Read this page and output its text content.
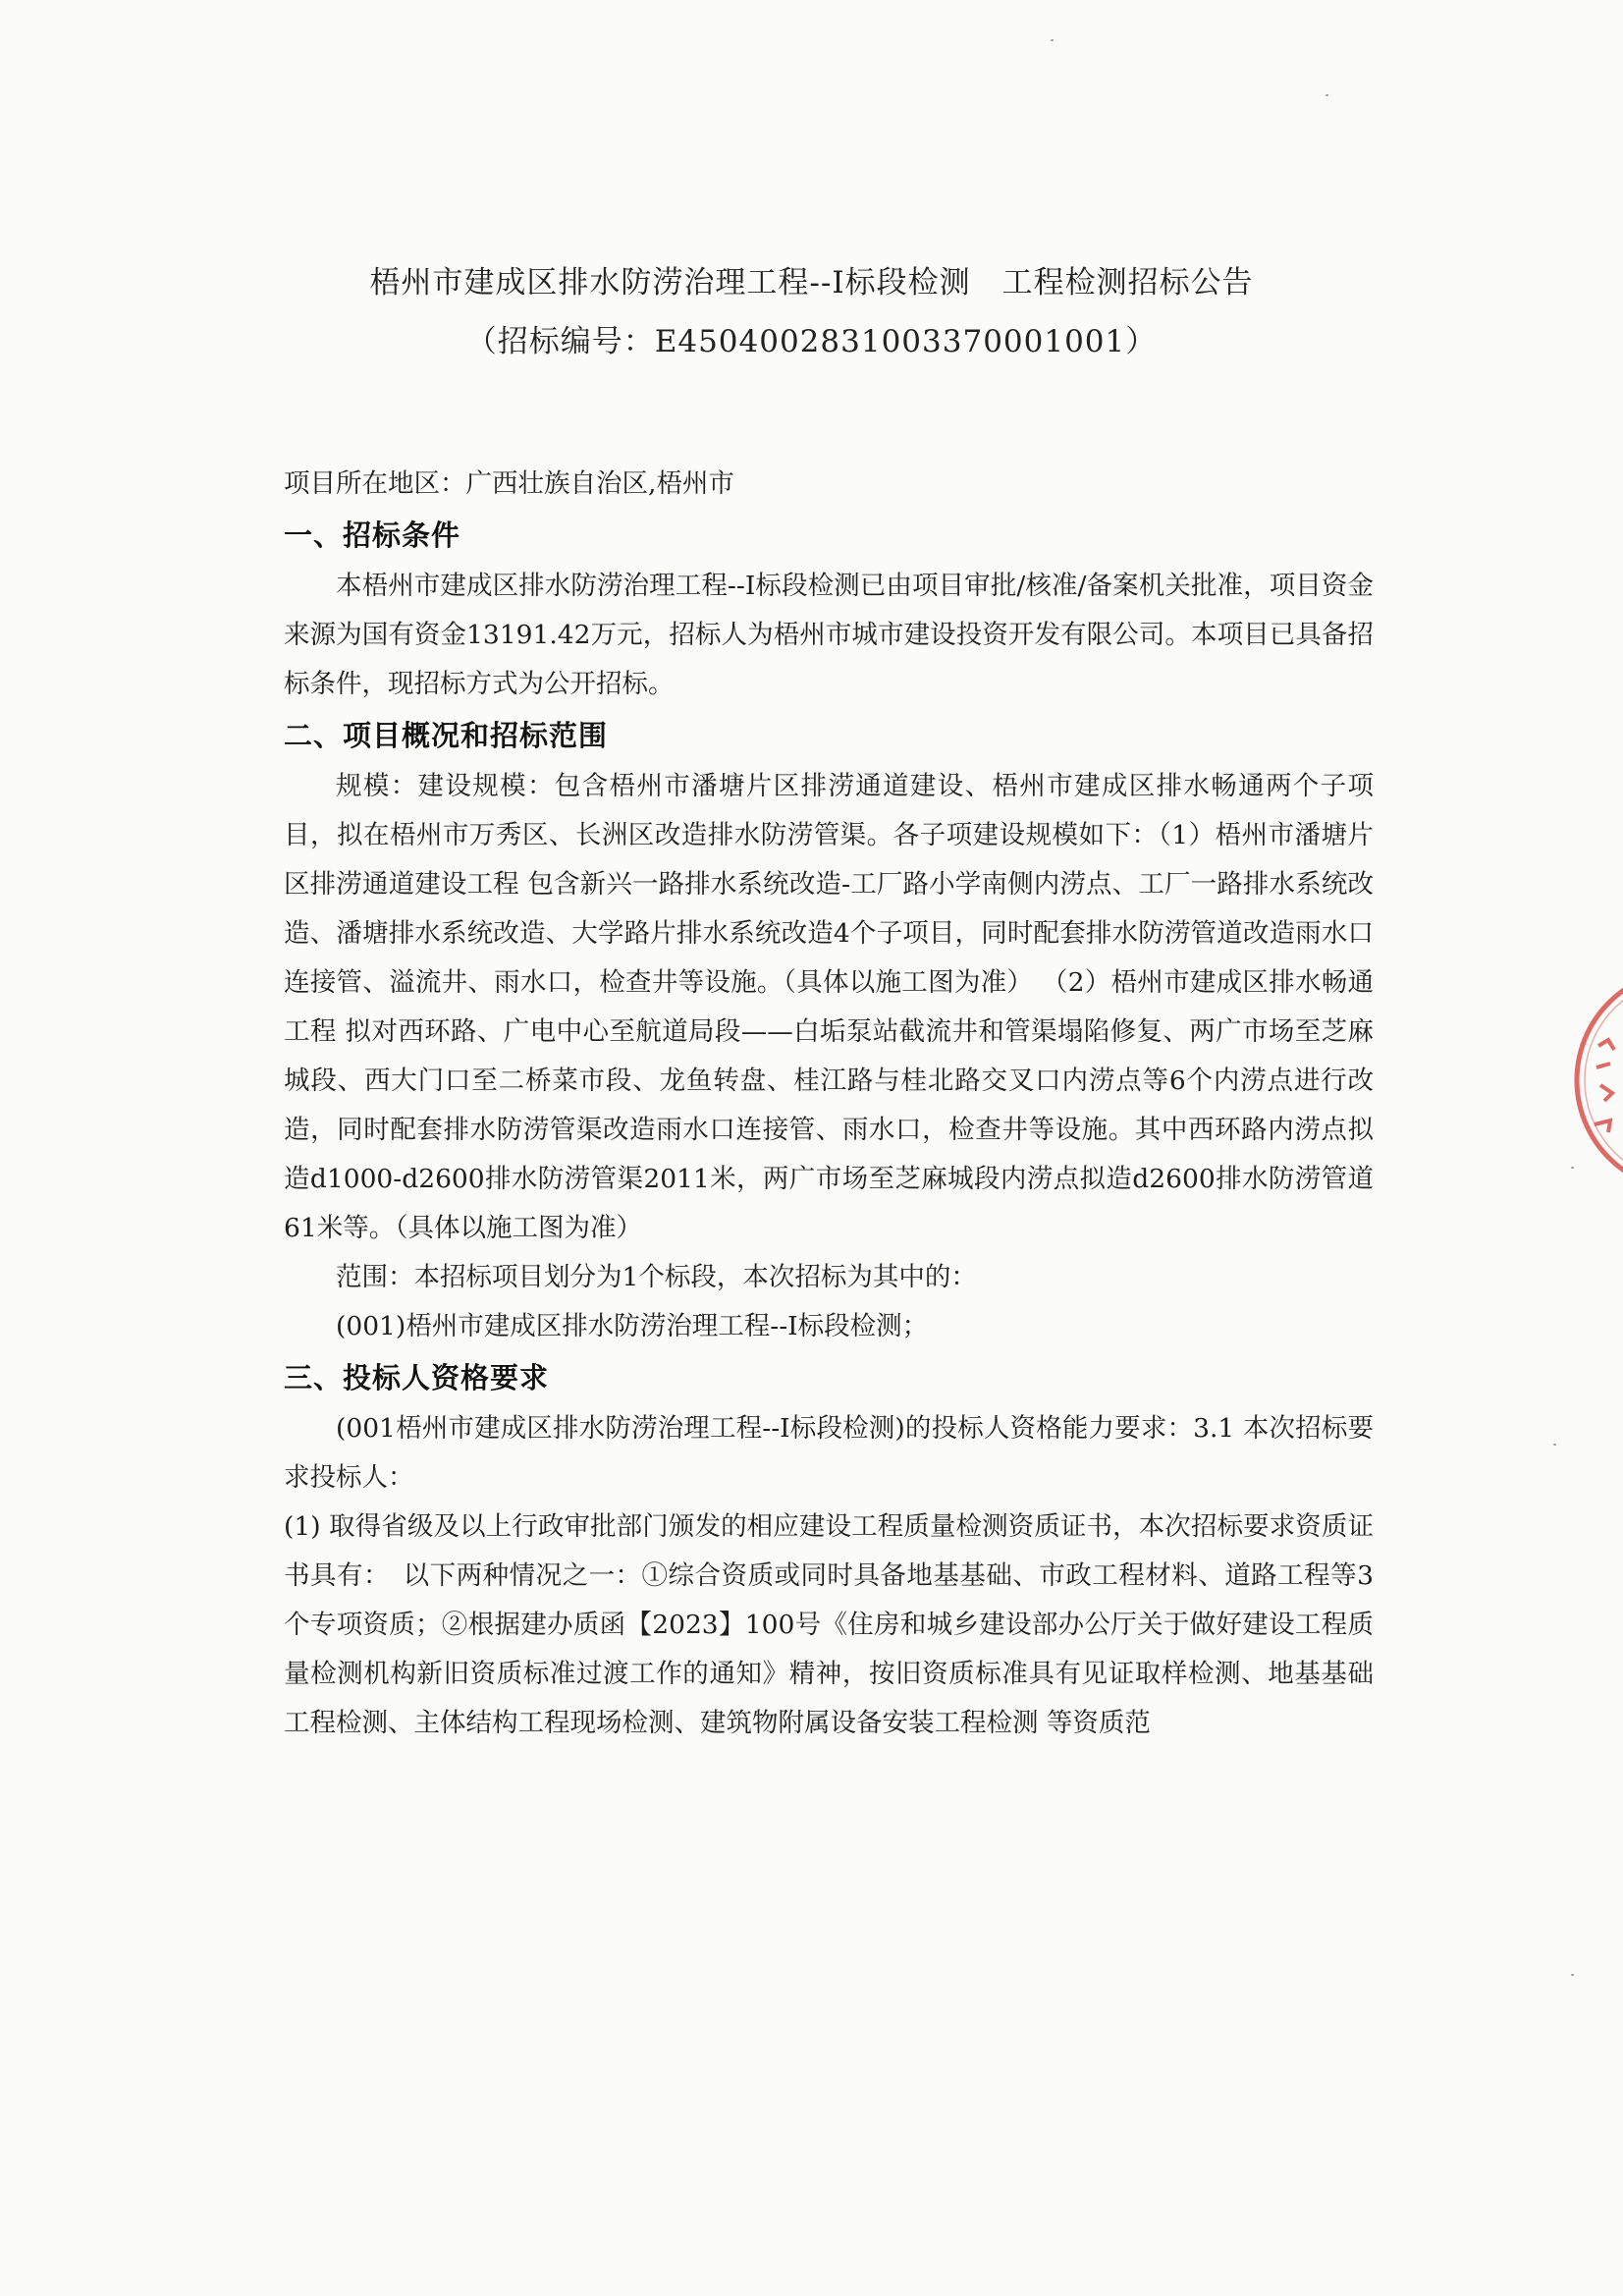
梧州市建成区排水防涝治理工程--I标段检测　工程检测招标公告
（招标编号：E4504002831003370001001）

项目所在地区：广西壮族自治区,梧州市

一、招标条件

本梧州市建成区排水防涝治理工程--I标段检测已由项目审批/核准/备案机关批准，项目资金来源为国有资金13191.42万元，招标人为梧州市城市建设投资开发有限公司。本项目已具备招标条件，现招标方式为公开招标。

二、项目概况和招标范围

规模：建设规模：包含梧州市潘塘片区排涝通道建设、梧州市建成区排水畅通两个子项目，拟在梧州市万秀区、长洲区改造排水防涝管渠。各子项建设规模如下：（1）梧州市潘塘片区排涝通道建设工程 包含新兴一路排水系统改造-工厂路小学南侧内涝点、工厂一路排水系统改造、潘塘排水系统改造、大学路片排水系统改造4个子项目，同时配套排水防涝管道改造雨水口连接管、溢流井、雨水口，检查井等设施。（具体以施工图为准） （2）梧州市建成区排水畅通工程 拟对西环路、广电中心至航道局段——白垢泵站截流井和管渠塌陷修复、两广市场至芝麻城段、西大门口至二桥菜市段、龙鱼转盘、桂江路与桂北路交叉口内涝点等6个内涝点进行改造，同时配套排水防涝管渠改造雨水口连接管、雨水口，检查井等设施。其中西环路内涝点拟造d1000-d2600排水防涝管渠2011米，两广市场至芝麻城段内涝点拟造d2600排水防涝管道61米等。（具体以施工图为准）

范围：本招标项目划分为1个标段，本次招标为其中的：

(001)梧州市建成区排水防涝治理工程--I标段检测；

三、投标人资格要求

(001梧州市建成区排水防涝治理工程--I标段检测)的投标人资格能力要求：3.1 本次招标要求投标人：

(1) 取得省级及以上行政审批部门颁发的相应建设工程质量检测资质证书，本次招标要求资质证书具有：　以下两种情况之一：①综合资质或同时具备地基基础、市政工程材料、道路工程等3个专项资质；②根据建办质函【2023】100号《住房和城乡建设部办公厅关于做好建设工程质量检测机构新旧资质标准过渡工作的通知》精神，按旧资质标准具有见证取样检测、地基基础工程检测、主体结构工程现场检测、建筑物附属设备安装工程检测 等资质范
